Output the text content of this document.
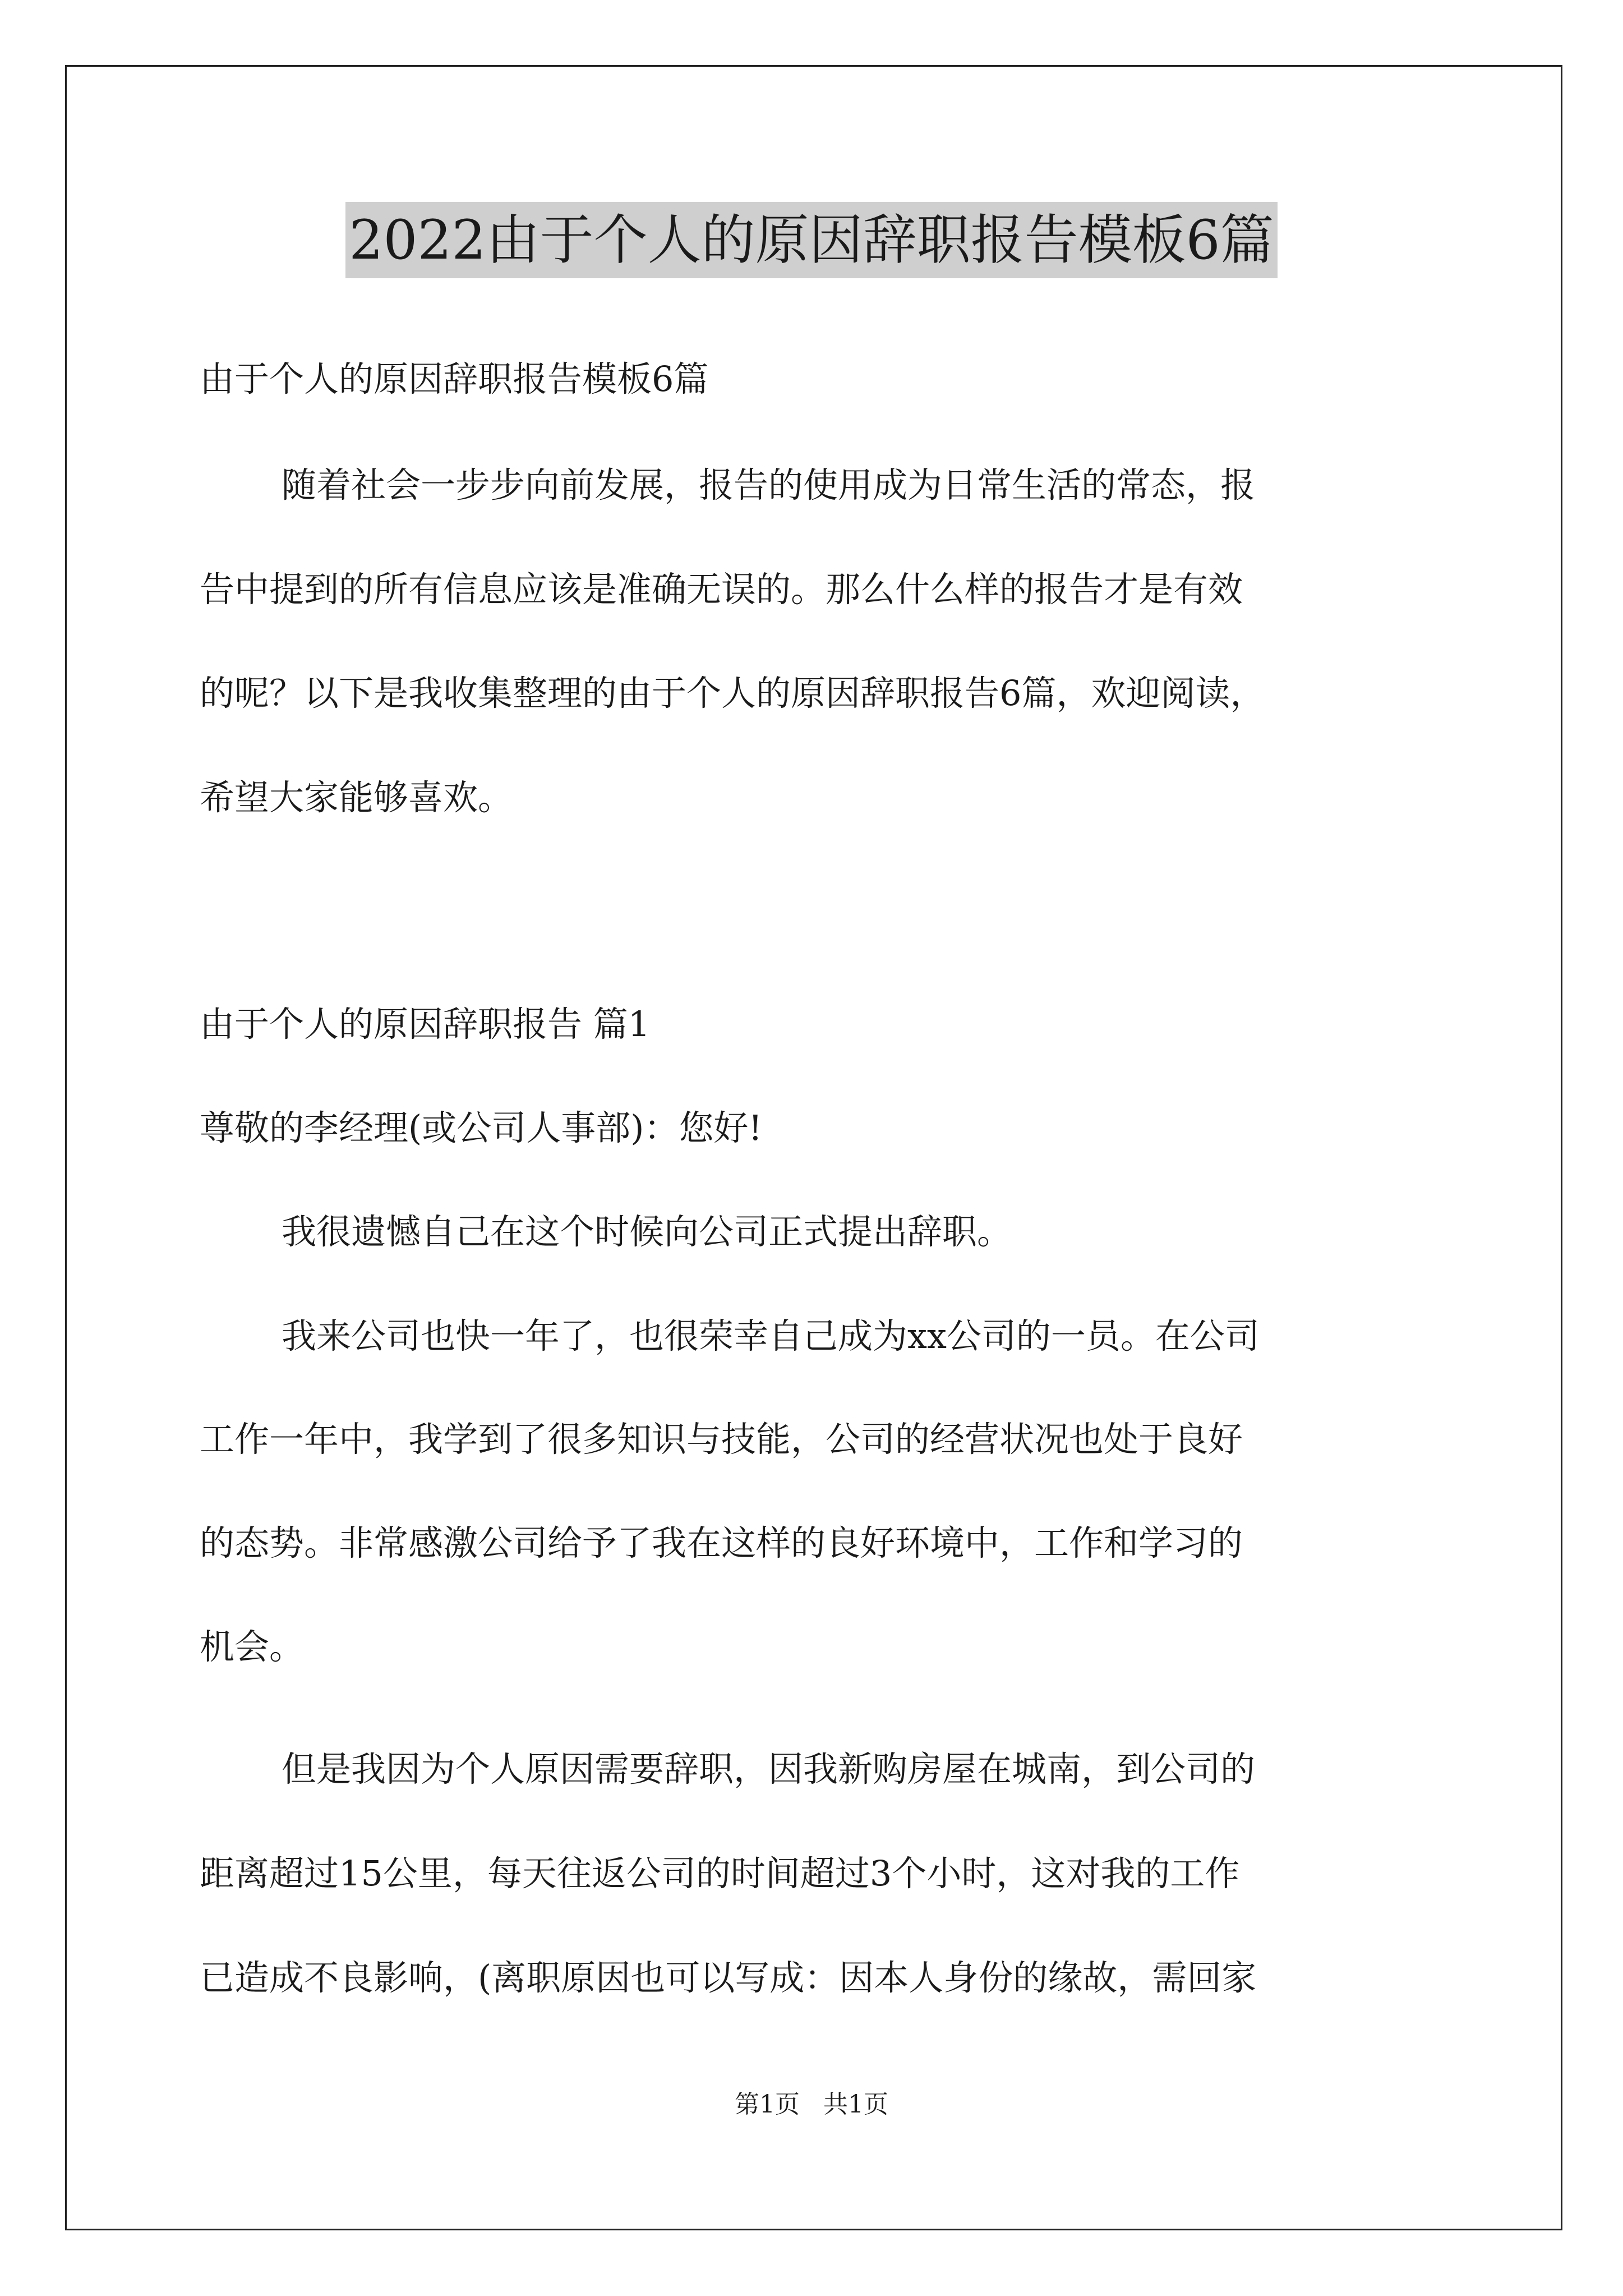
2022由于个人的原因辞职报告模板6篇
由于个人的原因辞职报告模板6篇
随着社会一步步向前发展，报告的使用成为日常生活的常态，报
告中提到的所有信息应该是准确无误的。那么什么样的报告才是有效
的呢？以下是我收集整理的由于个人的原因辞职报告6篇，欢迎阅读，
希望大家能够喜欢。
由于个人的原因辞职报告 篇1
尊敬的李经理(或公司人事部)：您好!
我很遗憾自己在这个时候向公司正式提出辞职。
我来公司也快一年了，也很荣幸自己成为xx公司的一员。在公司
工作一年中，我学到了很多知识与技能，公司的经营状况也处于良好
的态势。非常感激公司给予了我在这样的良好环境中，工作和学习的
机会。
但是我因为个人原因需要辞职，因我新购房屋在城南，到公司的
距离超过15公里，每天往返公司的时间超过3个小时，这对我的工作
已造成不良影响，(离职原因也可以写成：因本人身份的缘故，需回家
第1页   共1页
